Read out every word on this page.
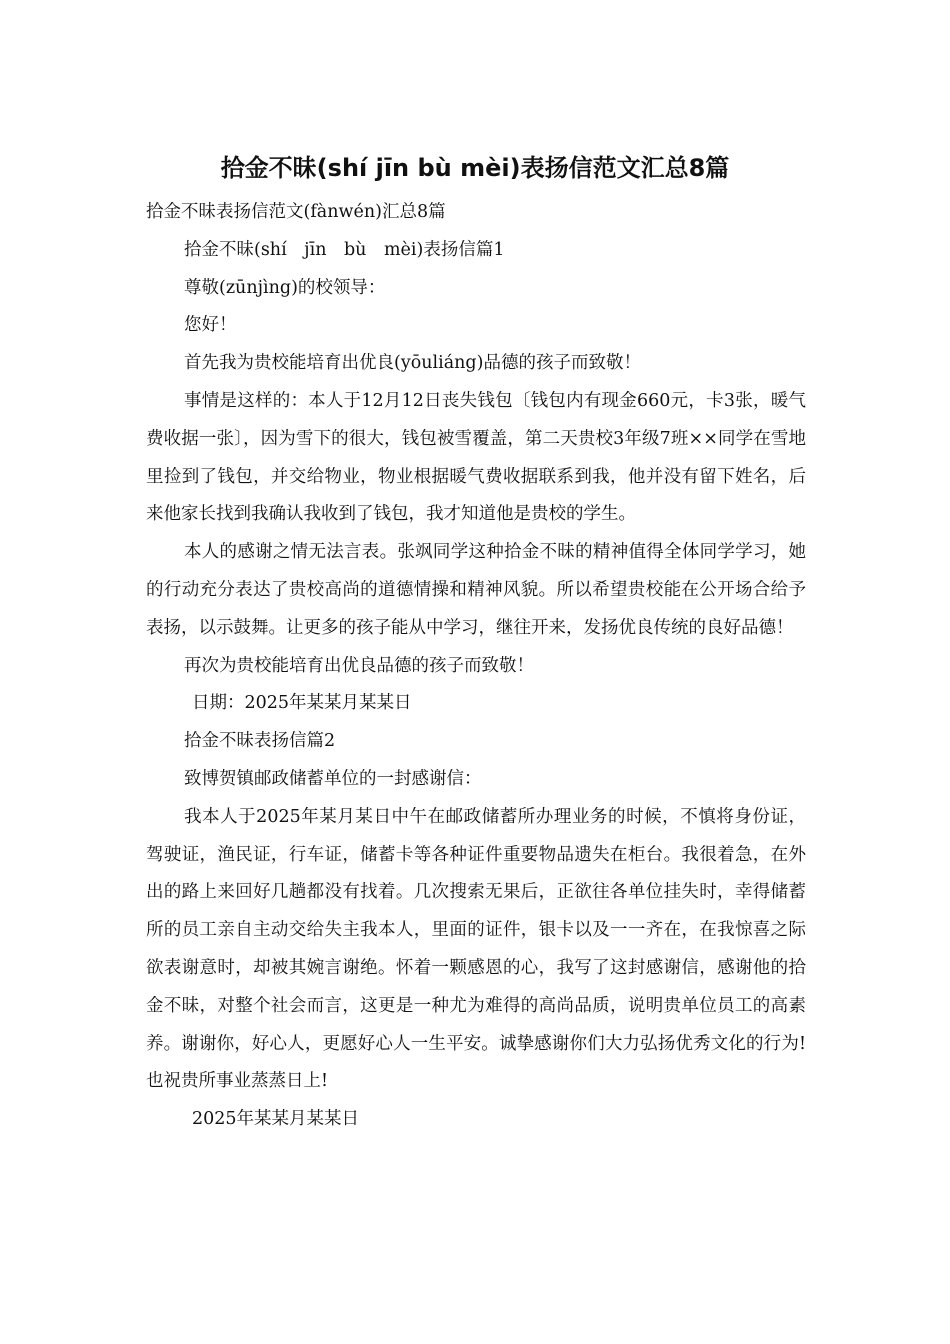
拾金不昧(shí jīn bù mèi)表扬信范文汇总8篇

拾金不昧表扬信范文(fànwén)汇总8篇

拾金不昧(shí　jīn　bù　mèi)表扬信篇1

尊敬(zūnjìng)的校领导：

您好！

首先我为贵校能培育出优良(yōuliáng)品德的孩子而致敬！

事情是这样的：本人于12月12日丧失钱包〔钱包内有现金660元，卡3张，暖气费收据一张〕，因为雪下的很大，钱包被雪覆盖，第二天贵校3年级7班××同学在雪地里捡到了钱包，并交给物业，物业根据暖气费收据联系到我，他并没有留下姓名，后来他家长找到我确认我收到了钱包，我才知道他是贵校的学生。

本人的感谢之情无法言表。张飒同学这种拾金不昧的精神值得全体同学学习，她的行动充分表达了贵校高尚的道德情操和精神风貌。所以希望贵校能在公开场合给予表扬，以示鼓舞。让更多的孩子能从中学习，继往开来，发扬优良传统的良好品德！

再次为贵校能培育出优良品德的孩子而致敬！

日期：2025年某某月某某日

拾金不昧表扬信篇2

致博贺镇邮政储蓄单位的一封感谢信：

我本人于2025年某月某日中午在邮政储蓄所办理业务的时候，不慎将身份证，驾驶证，渔民证，行车证，储蓄卡等各种证件重要物品遗失在柜台。我很着急，在外出的路上来回好几趟都没有找着。几次搜索无果后，正欲往各单位挂失时，幸得储蓄所的员工亲自主动交给失主我本人，里面的证件，银卡以及一一齐在，在我惊喜之际欲表谢意时，却被其婉言谢绝。怀着一颗感恩的心，我写了这封感谢信，感谢他的拾金不昧，对整个社会而言，这更是一种尤为难得的高尚品质，说明贵单位员工的高素养。谢谢你，好心人，更愿好心人一生平安。诚挚感谢你们大力弘扬优秀文化的行为!也祝贵所事业蒸蒸日上!

2025年某某月某某日
